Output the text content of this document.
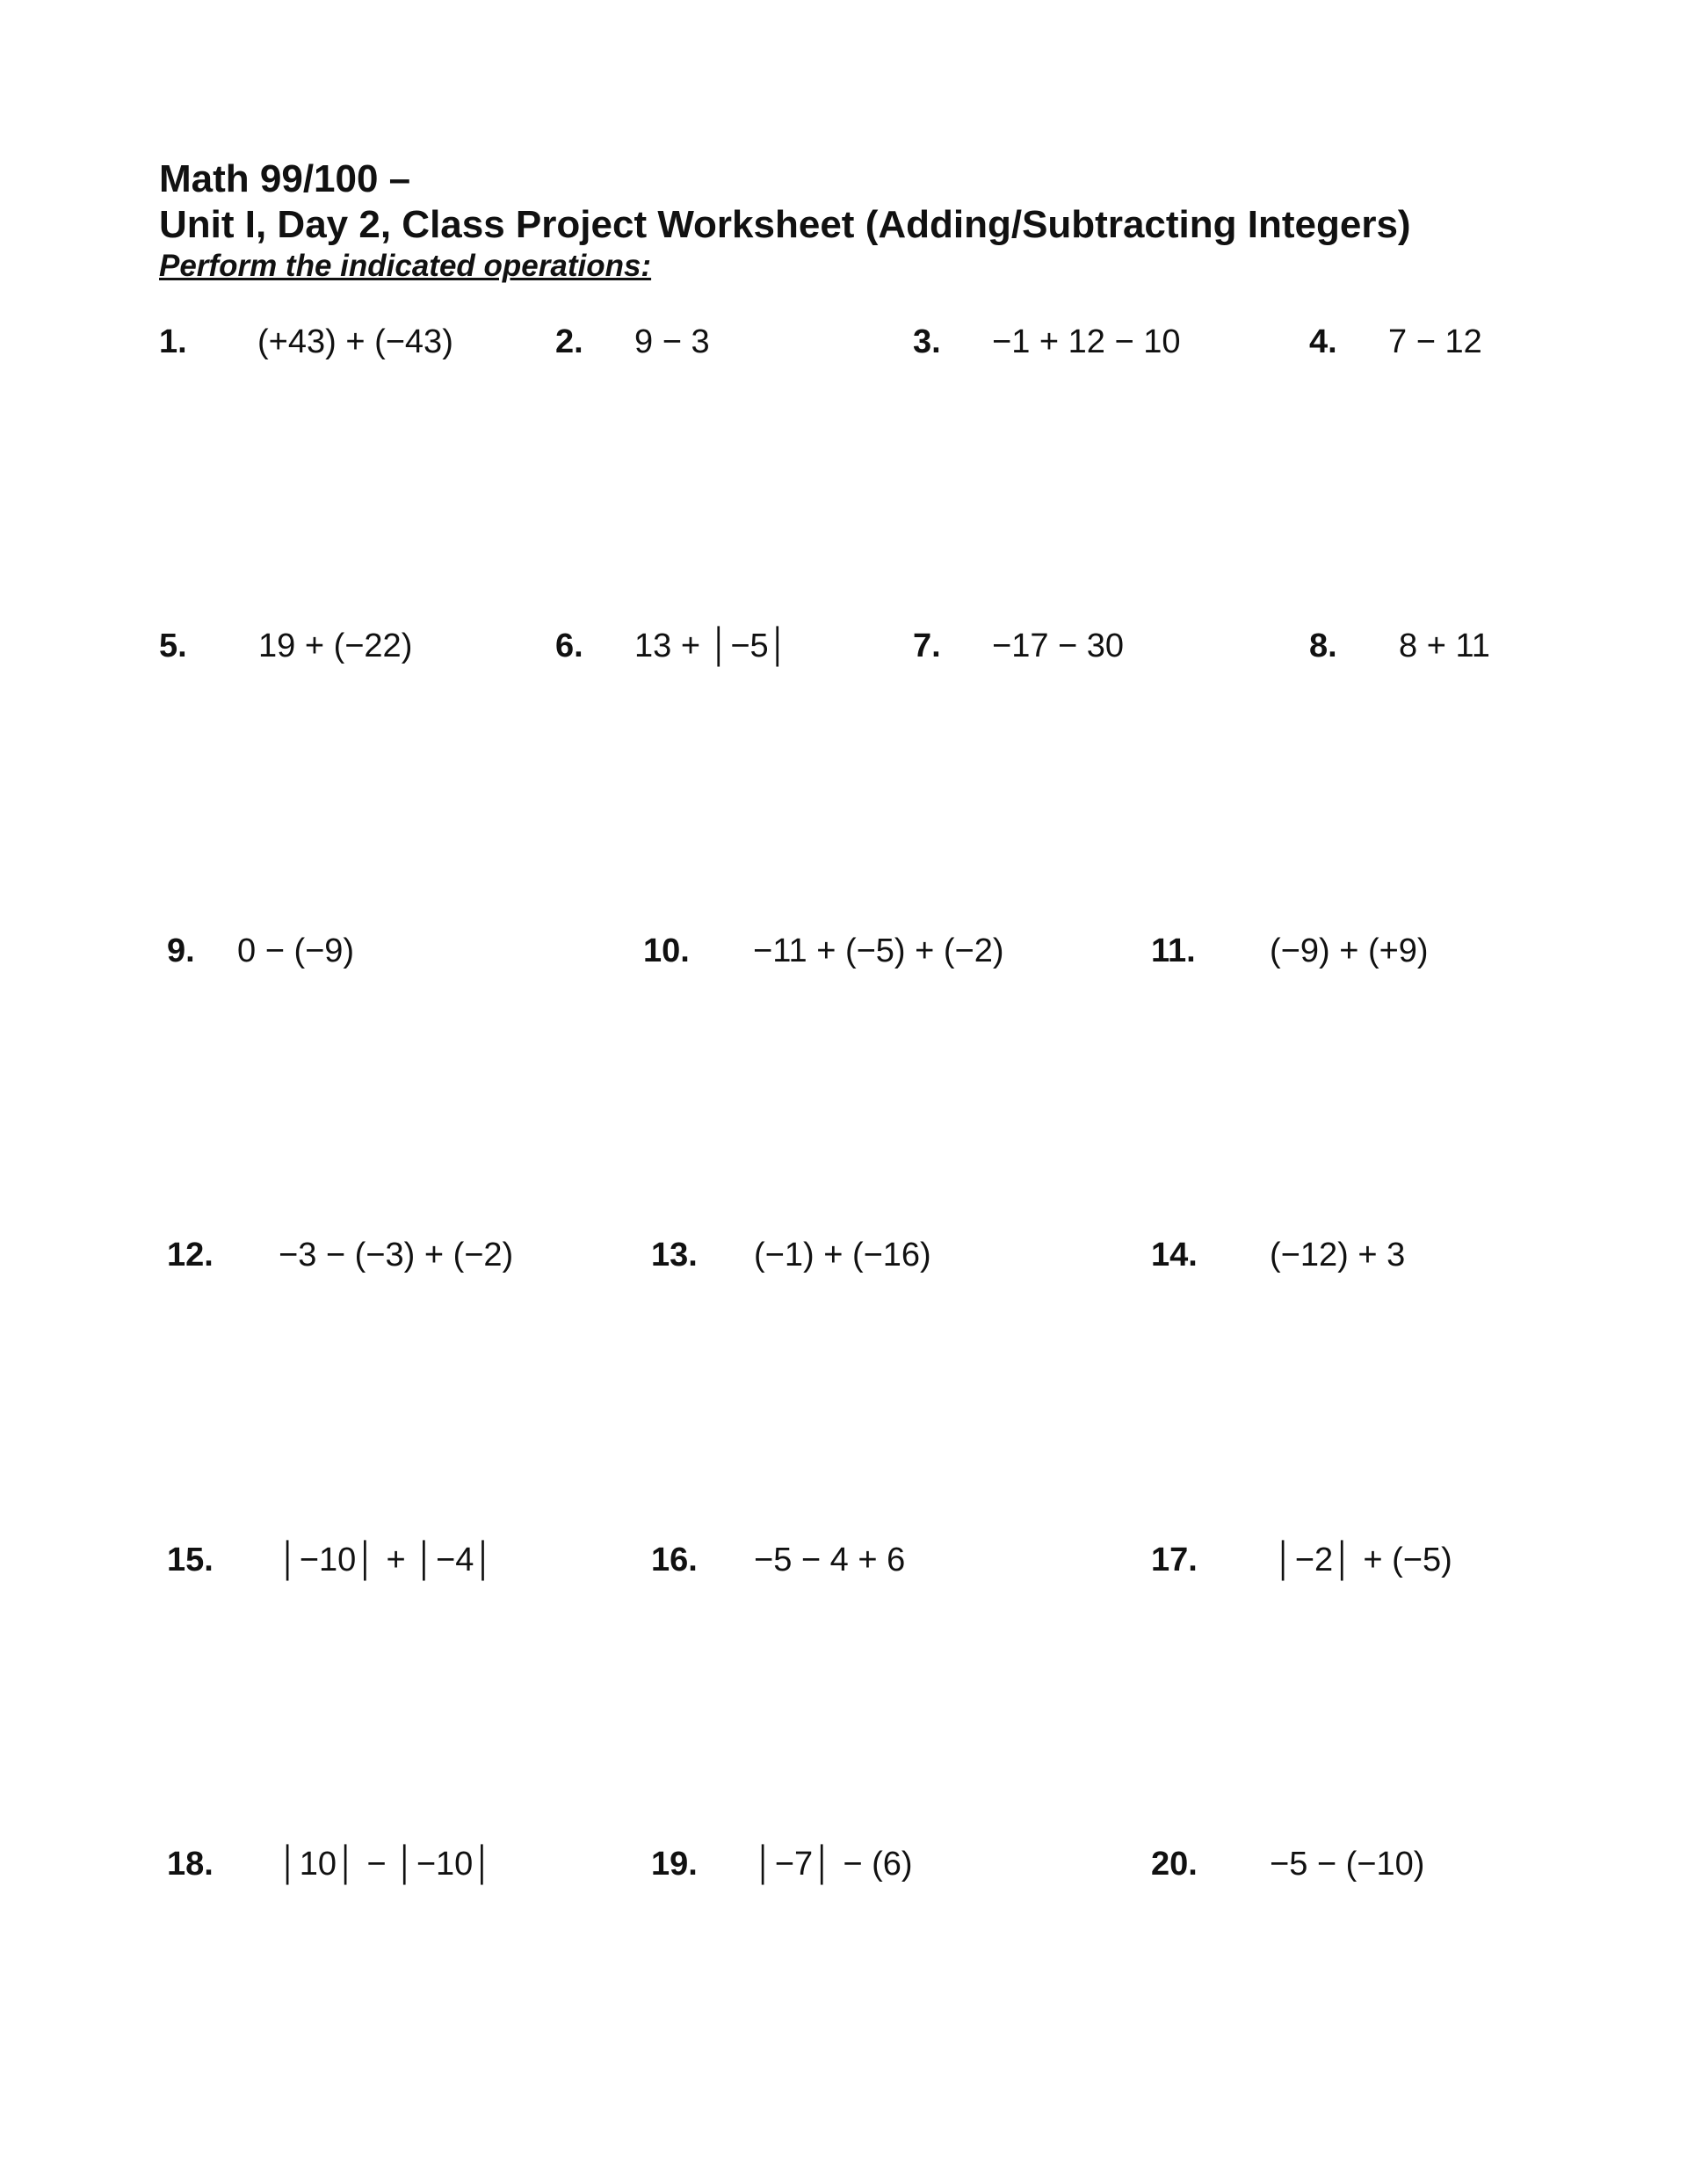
Math 99/100 –
Unit I, Day 2, Class Project Worksheet (Adding/Subtracting Integers)
Perform the indicated operations:
1. (+43) + (−43)	2. 9 − 3	3. −1 + 12 − 10	4. 7 − 12
5. 19 + (−22)	6. 13 + │−5│	7. −17 − 30	8. 8 + 11
9. 0 − (−9)	10. −11 + (−5) + (−2)	11. (−9) + (+9)
12. −3 − (−3) + (−2)	13. (−1) + (−16)	14. (−12) + 3
15. │−10│ + │−4│	16. −5 − 4 + 6	17. │−2│ + (−5)
18. │10│ − │−10│	19. │−7│ − (6)	20. −5 − (−10)
